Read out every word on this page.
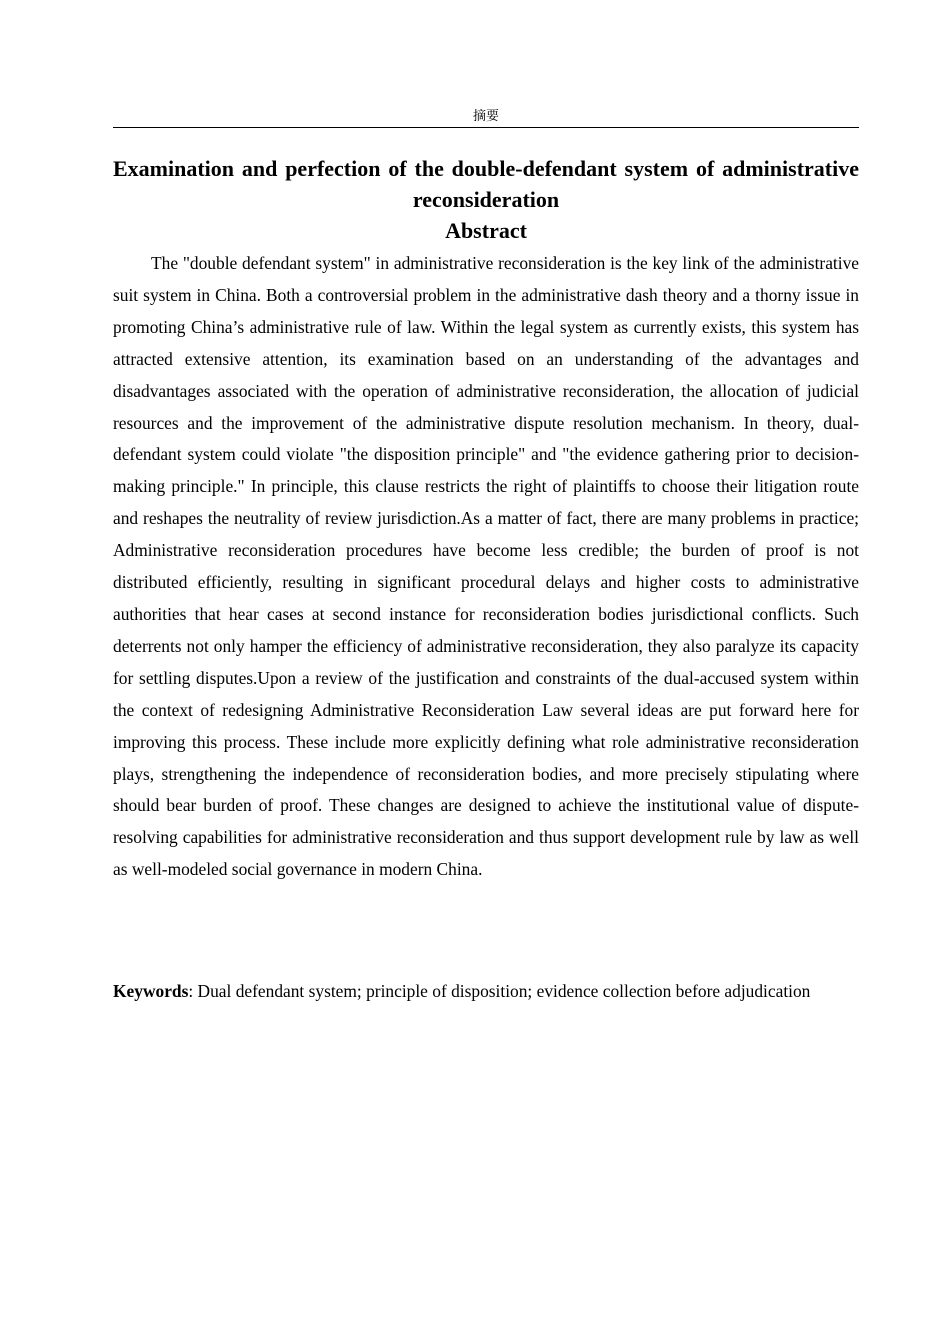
摘要
Examination and perfection of the double-defendant system of administrative reconsideration
Abstract

The "double defendant system" in administrative reconsideration is the key link of the administrative suit system in China. Both a controversial problem in the administrative dash theory and a thorny issue in promoting China’s administrative rule of law. Within the legal system as currently exists, this system has attracted extensive attention, its examination based on an understanding of the advantages and disadvantages associated with the operation of administrative reconsideration, the allocation of judicial resources and the improvement of the administrative dispute resolution mechanism. In theory, dual-defendant system could violate "the disposition principle" and "the evidence gathering prior to decision-making principle." In principle, this clause restricts the right of plaintiffs to choose their litigation route and reshapes the neutrality of review jurisdiction.As a matter of fact, there are many problems in practice; Administrative reconsideration procedures have become less credible; the burden of proof is not distributed efficiently, resulting in significant procedural delays and higher costs to administrative authorities that hear cases at second instance for reconsideration bodies jurisdictional conflicts. Such deterrents not only hamper the efficiency of administrative reconsideration, they also paralyze its capacity for settling disputes.Upon a review of the justification and constraints of the dual-accused system within the context of redesigning Administrative Reconsideration Law several ideas are put forward here for improving this process. These include more explicitly defining what role administrative reconsideration plays, strengthening the independence of reconsideration bodies, and more precisely stipulating where should bear burden of proof. These changes are designed to achieve the institutional value of dispute-resolving capabilities for administrative reconsideration and thus support development rule by law as well as well-modeled social governance in modern China.

Keywords: Dual defendant system; principle of disposition; evidence collection before adjudication
